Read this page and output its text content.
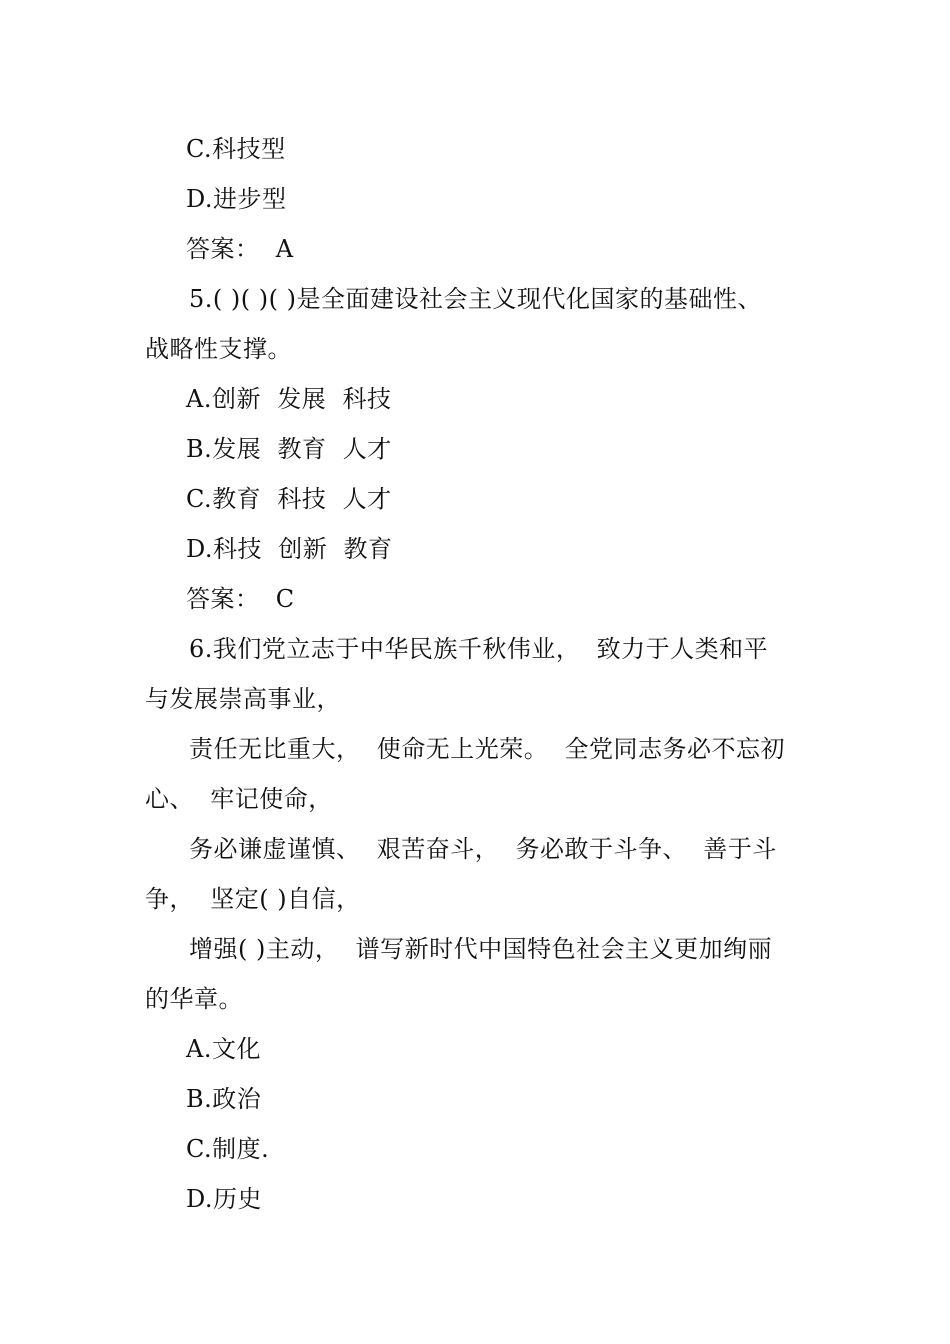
C.科技型
D.进步型
答案：  A
5.( )( )( )是全面建设社会主义现代化国家的基础性、
战略性支撑。
A.创新  发展  科技
B.发展  教育  人才
C.教育  科技  人才
D.科技  创新  教育
答案：  C
6.我们党立志于中华民族千秋伟业，  致力于人类和平
与发展崇高事业，
责任无比重大，  使命无上光荣。  全党同志务必不忘初
心、  牢记使命，
务必谦虚谨慎、  艰苦奋斗，  务必敢于斗争、  善于斗
争，  坚定( )自信，
增强( )主动，  谱写新时代中国特色社会主义更加绚丽
的华章。
A.文化
B.政治
C.制度.
D.历史
